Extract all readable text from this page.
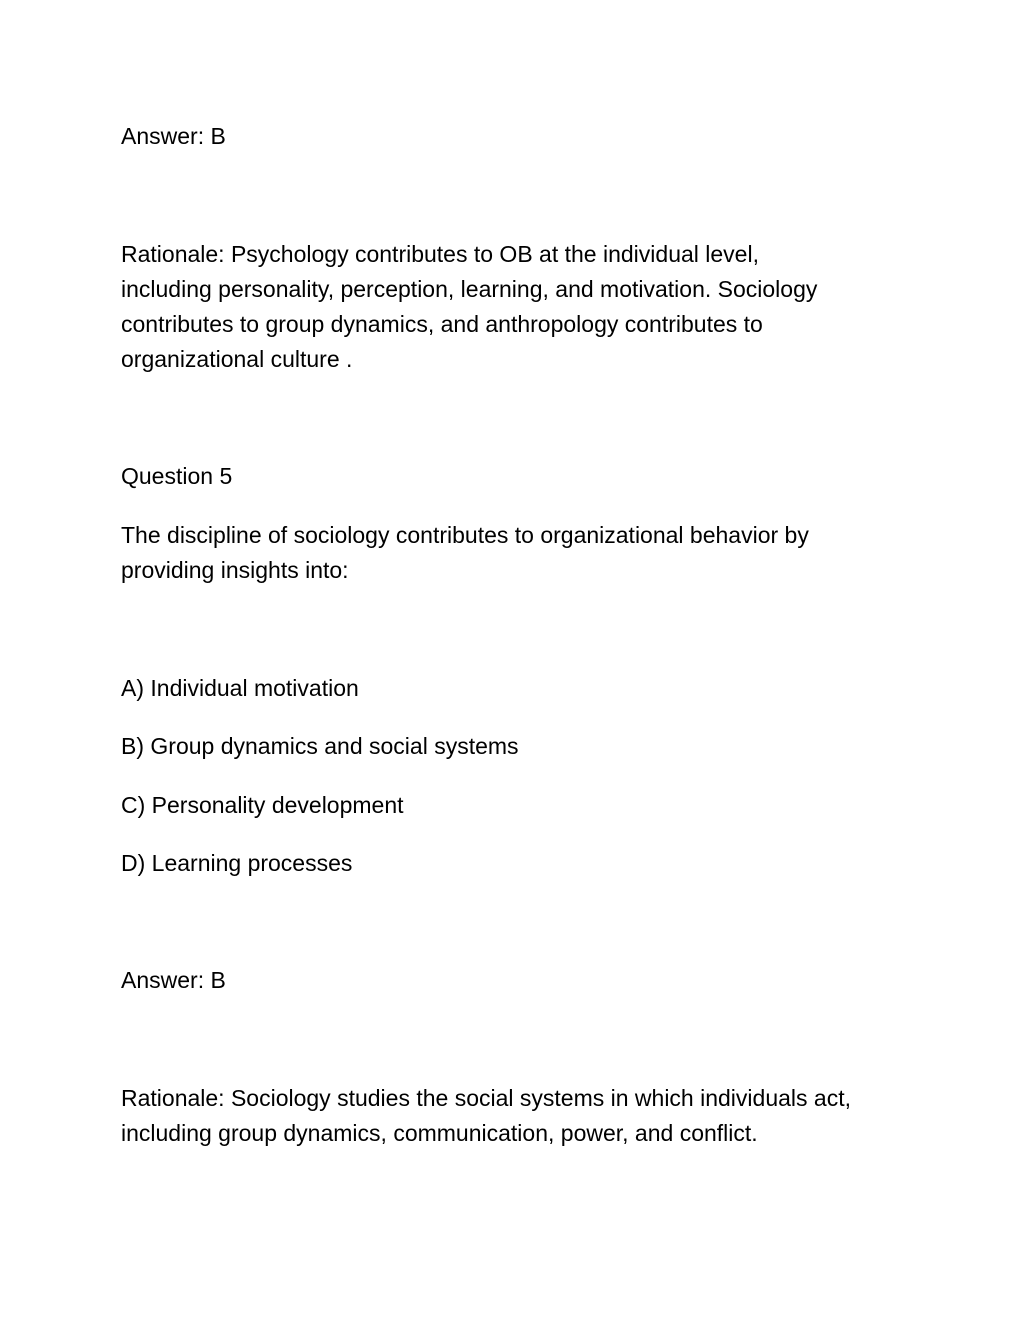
Answer: B

Rationale: Psychology contributes to OB at the individual level,
including personality, perception, learning, and motivation. Sociology
contributes to group dynamics, and anthropology contributes to
organizational culture .

Question 5

The discipline of sociology contributes to organizational behavior by
providing insights into:

A) Individual motivation

B) Group dynamics and social systems

C) Personality development

D) Learning processes

Answer: B

Rationale: Sociology studies the social systems in which individuals act,
including group dynamics, communication, power, and conflict.
